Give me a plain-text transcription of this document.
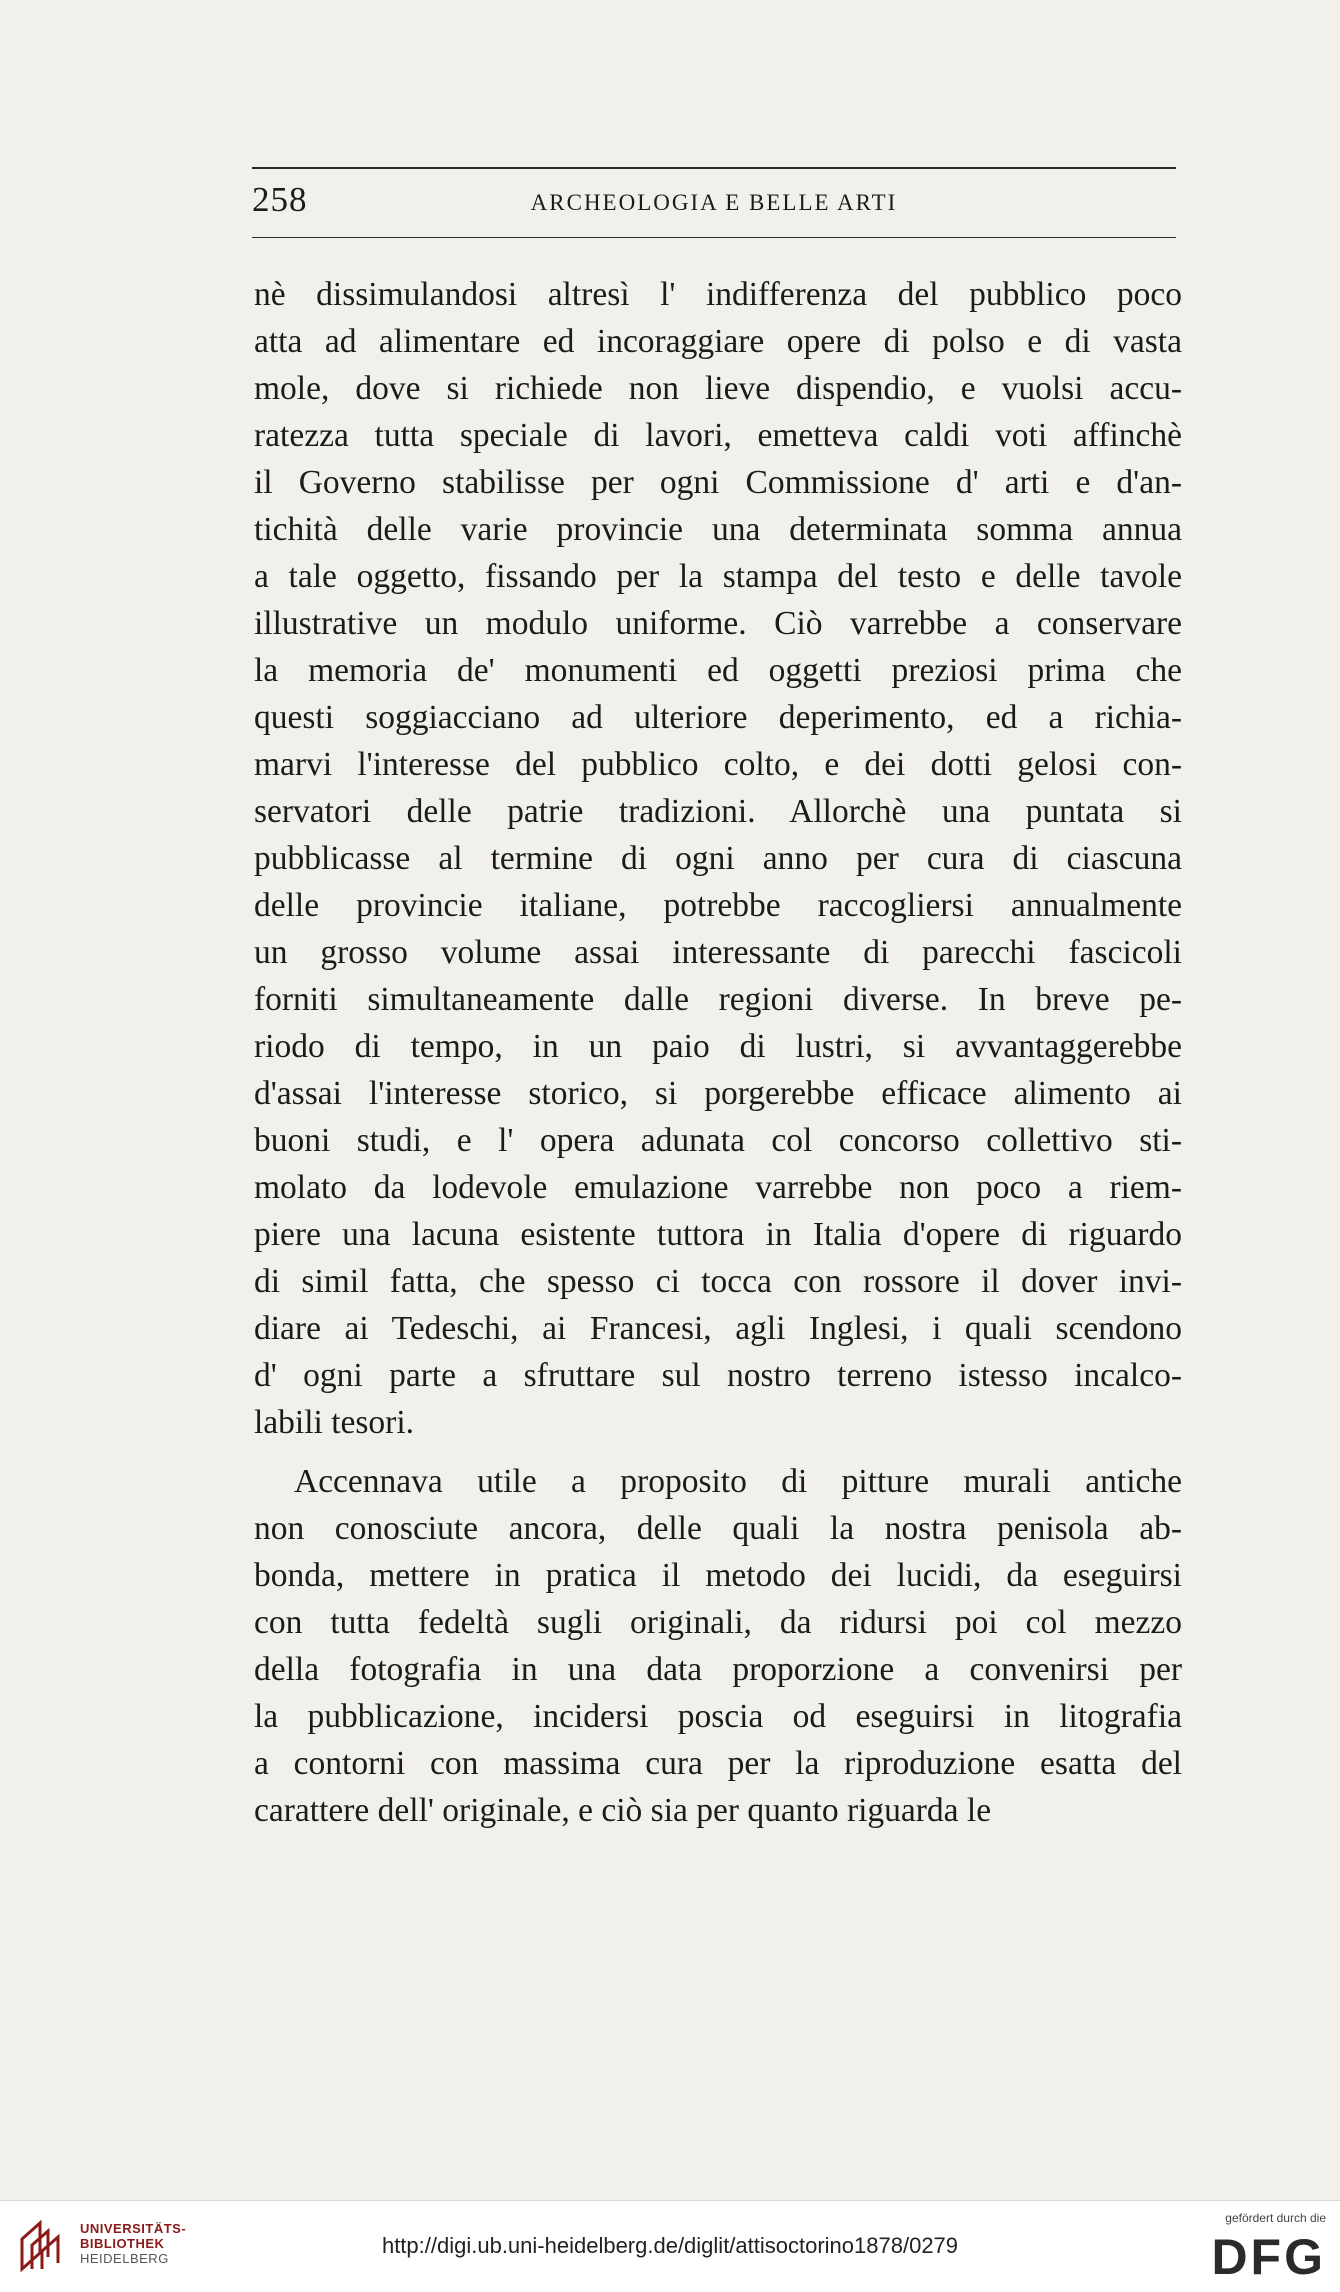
258	ARCHEOLOGIA E BELLE ARTI
nè dissimulandosi altresì l' indifferenza del pubblico poco
atta ad alimentare ed incoraggiare opere di polso e di vasta
mole, dove si richiede non lieve dispendio, e vuolsi accu-
ratezza tutta speciale di lavori, emetteva caldi voti affinchè
il Governo stabilisse per ogni Commissione d' arti e d'an-
tichità delle varie provincie una determinata somma annua
a tale oggetto, fissando per la stampa del testo e delle tavole
illustrative un modulo uniforme. Ciò varrebbe a conservare
la memoria de' monumenti ed oggetti preziosi prima che
questi soggiacciano ad ulteriore deperimento, ed a richia-
marvi l'interesse del pubblico colto, e dei dotti gelosi con-
servatori delle patrie tradizioni. Allorchè una puntata si
pubblicasse al termine di ogni anno per cura di ciascuna
delle provincie italiane, potrebbe raccogliersi annualmente
un grosso volume assai interessante di parecchi fascicoli
forniti simultaneamente dalle regioni diverse. In breve pe-
riodo di tempo, in un paio di lustri, si avvantaggerebbe
d'assai l'interesse storico, si porgerebbe efficace alimento ai
buoni studi, e l' opera adunata col concorso collettivo sti-
molato da lodevole emulazione varrebbe non poco a riem-
piere una lacuna esistente tuttora in Italia d'opere di riguardo
di simil fatta, che spesso ci tocca con rossore il dover invi-
diare ai Tedeschi, ai Francesi, agli Inglesi, i quali scendono
d' ogni parte a sfruttare sul nostro terreno istesso incalco-
labili tesori.
Accennava utile a proposito di pitture murali antiche
non conosciute ancora, delle quali la nostra penisola ab-
bonda, mettere in pratica il metodo dei lucidi, da eseguirsi
con tutta fedeltà sugli originali, da ridursi poi col mezzo
della fotografia in una data proporzione a convenirsi per
la pubblicazione, incidersi poscia od eseguirsi in litografia
a contorni con massima cura per la riproduzione esatta del
carattere dell' originale, e ciò sia per quanto riguarda le
UNIVERSITÄTS-
BIBLIOTHEK
HEIDELBERG
http://digi.ub.uni-heidelberg.de/diglit/attisoctorino1878/0279
gefördert durch die
DFG
